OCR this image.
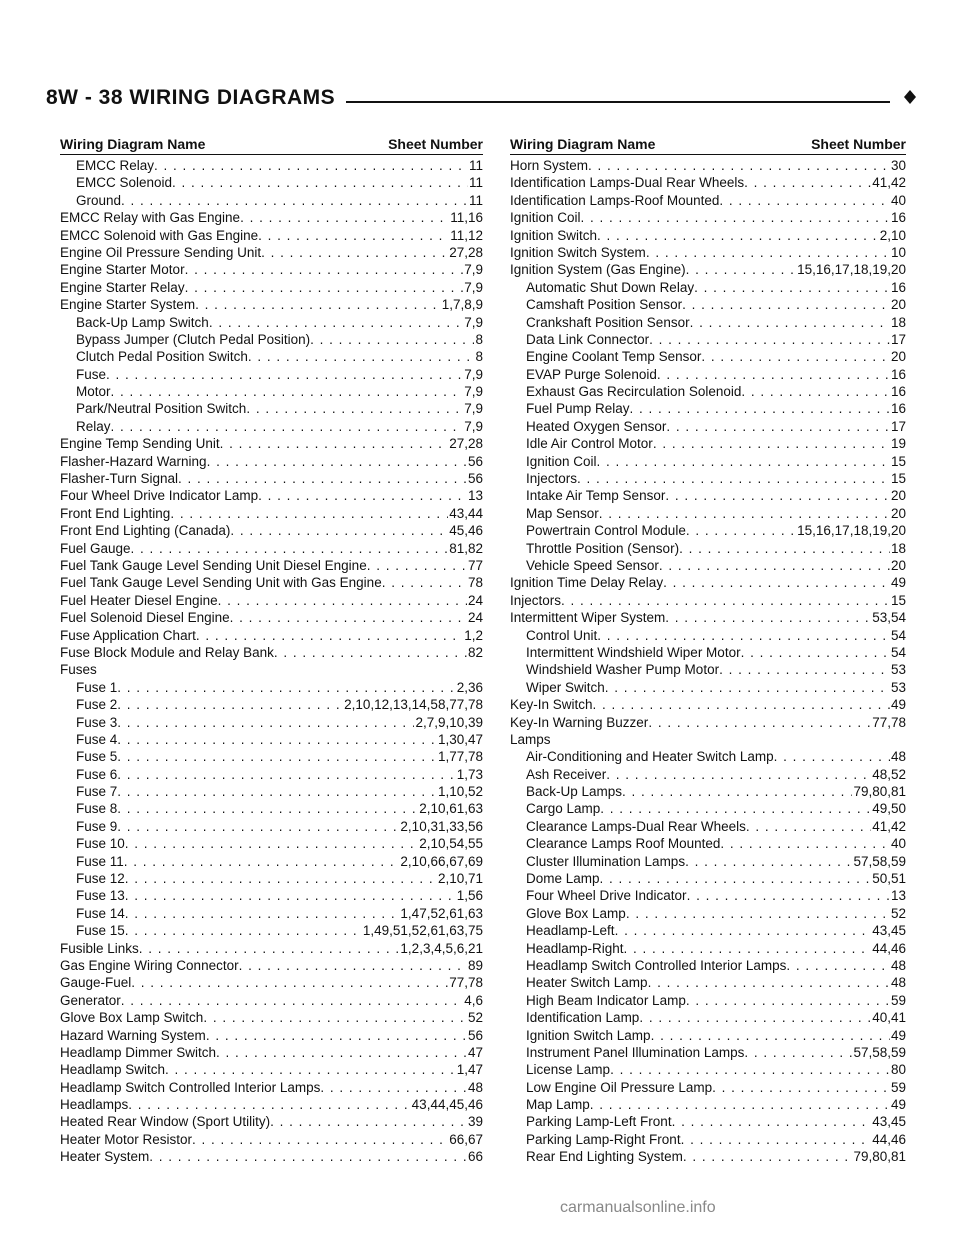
8W - 38 WIRING DIAGRAMS
Wiring Diagram Name	Sheet Number
EMCC Relay . . .	11
EMCC Solenoid . . .	11
Ground . . .	11
EMCC Relay with Gas Engine . . .	11,16
EMCC Solenoid with Gas Engine . . .	11,12
Engine Oil Pressure Sending Unit . . .	27,28
Engine Starter Motor . . .	7,9
Engine Starter Relay . . .	7,9
Engine Starter System . . .	1,7,8,9
Back-Up Lamp Switch . . .	7,9
Bypass Jumper (Clutch Pedal Position) . . .	8
Clutch Pedal Position Switch . . .	8
Fuse . . .	7,9
Motor . . .	7,9
Park/Neutral Position Switch . . .	7,9
Relay . . .	7,9
Engine Temp Sending Unit . . .	27,28
Flasher-Hazard Warning . . .	56
Flasher-Turn Signal . . .	56
Four Wheel Drive Indicator Lamp . . .	13
Front End Lighting . . .	43,44
Front End Lighting (Canada) . . .	45,46
Fuel Gauge . . .	81,82
Fuel Tank Gauge Level Sending Unit Diesel Engine . . .	77
Fuel Tank Gauge Level Sending Unit with Gas Engine . . .	78
Fuel Heater Diesel Engine . . .	24
Fuel Solenoid Diesel Engine . . .	24
Fuse Application Chart . . .	1,2
Fuse Block Module and Relay Bank . . .	82
Fuses
Fuse 1 . . .	2,36
Fuse 2 . . .	2,10,12,13,14,58,77,78
Fuse 3 . . .	2,7,9,10,39
Fuse 4 . . .	1,30,47
Fuse 5 . . .	1,77,78
Fuse 6 . . .	1,73
Fuse 7 . . .	1,10,52
Fuse 8 . . .	2,10,61,63
Fuse 9 . . .	2,10,31,33,56
Fuse 10 . . .	2,10,54,55
Fuse 11 . . .	2,10,66,67,69
Fuse 12 . . .	2,10,71
Fuse 13 . . .	1,56
Fuse 14 . . .	1,47,52,61,63
Fuse 15 . . .	1,49,51,52,61,63,75
Fusible Links . . .	1,2,3,4,5,6,21
Gas Engine Wiring Connector . . .	89
Gauge-Fuel . . .	77,78
Generator . . .	4,6
Glove Box Lamp Switch . . .	52
Hazard Warning System . . .	56
Headlamp Dimmer Switch . . .	47
Headlamp Switch . . .	1,47
Headlamp Switch Controlled Interior Lamps . . .	48
Headlamps . . .	43,44,45,46
Heated Rear Window (Sport Utility) . . .	39
Heater Motor Resistor . . .	66,67
Heater System . . .	66
Wiring Diagram Name	Sheet Number
Horn System . . .	30
Identification Lamps-Dual Rear Wheels . . .	41,42
Identification Lamps-Roof Mounted . . .	40
Ignition Coil . . .	16
Ignition Switch . . .	2,10
Ignition Switch System . . .	10
Ignition System (Gas Engine) . . .	15,16,17,18,19,20
Automatic Shut Down Relay . . .	16
Camshaft Position Sensor . . .	20
Crankshaft Position Sensor . . .	18
Data Link Connector . . .	17
Engine Coolant Temp Sensor . . .	20
EVAP Purge Solenoid . . .	16
Exhaust Gas Recirculation Solenoid . . .	16
Fuel Pump Relay . . .	16
Heated Oxygen Sensor . . .	17
Idle Air Control Motor . . .	19
Ignition Coil . . .	15
Injectors . . .	15
Intake Air Temp Sensor . . .	20
Map Sensor . . .	20
Powertrain Control Module . . .	15,16,17,18,19,20
Throttle Position (Sensor) . . .	18
Vehicle Speed Sensor . . .	20
Ignition Time Delay Relay . . .	49
Injectors . . .	15
Intermittent Wiper System . . .	53,54
Control Unit . . .	54
Intermittent Windshield Wiper Motor . . .	54
Windshield Washer Pump Motor . . .	53
Wiper Switch . . .	53
Key-In Switch . . .	49
Key-In Warning Buzzer . . .	77,78
Lamps
Air-Conditioning and Heater Switch Lamp . . .	48
Ash Receiver . . .	48,52
Back-Up Lamps . . .	79,80,81
Cargo Lamp . . .	49,50
Clearance Lamps-Dual Rear Wheels . . .	41,42
Clearance Lamps Roof Mounted . . .	40
Cluster Illumination Lamps . . .	57,58,59
Dome Lamp . . .	50,51
Four Wheel Drive Indicator . . .	13
Glove Box Lamp . . .	52
Headlamp-Left . . .	43,45
Headlamp-Right . . .	44,46
Headlamp Switch Controlled Interior Lamps . . .	48
Heater Switch Lamp . . .	48
High Beam Indicator Lamp . . .	59
Identification Lamp . . .	40,41
Ignition Switch Lamp . . .	49
Instrument Panel Illumination Lamps . . .	57,58,59
License Lamp . . .	80
Low Engine Oil Pressure Lamp . . .	59
Map Lamp . . .	49
Parking Lamp-Left Front . . .	43,45
Parking Lamp-Right Front . . .	44,46
Rear End Lighting System . . .	79,80,81
carmanualsonline.info
